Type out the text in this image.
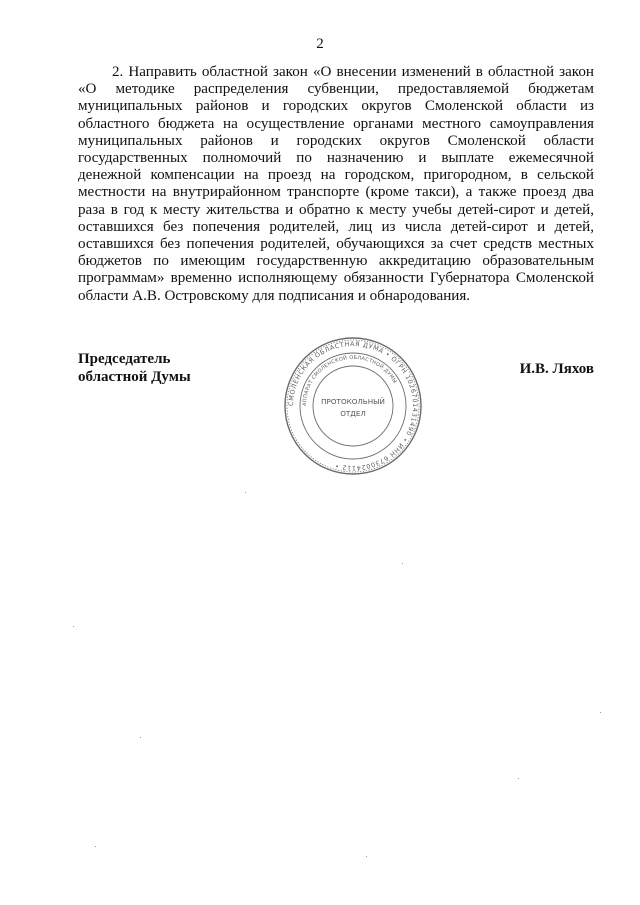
2

2. Направить областной закон «О внесении изменений в областной закон «О методике распределения субвенции, предоставляемой бюджетам муниципальных районов и городских округов Смоленской области из областного бюджета на осуществление органами местного самоуправления муниципальных районов и городских округов Смоленской области государственных полномочий по назначению и выплате ежемесячной денежной компенсации на проезд на городском, пригородном, в сельской местности на внутрирайонном транспорте (кроме такси), а также проезд два раза в год к месту жительства и обратно к месту учебы детей-сирот и детей, оставшихся без попечения родителей, лиц из числа детей-сирот и детей, оставшихся без попечения родителей, обучающихся за счет средств местных бюджетов по имеющим государственную аккредитацию образовательным программам» временно исполняющему обязанности Губернатора Смоленской области А.В. Островскому для подписания и обнародования.

Председатель
областной Думы
СМОЛЕНСКАЯ ОБЛАСТНАЯ ДУМА • ОГРН 1026701431490 • ИНН 6730024112 •
АППАРАТ СМОЛЕНСКОЙ ОБЛАСТНОЙ ДУМЫ
ПРОТОКОЛЬНЫЙ
ОТДЕЛ
И.В. Ляхов
